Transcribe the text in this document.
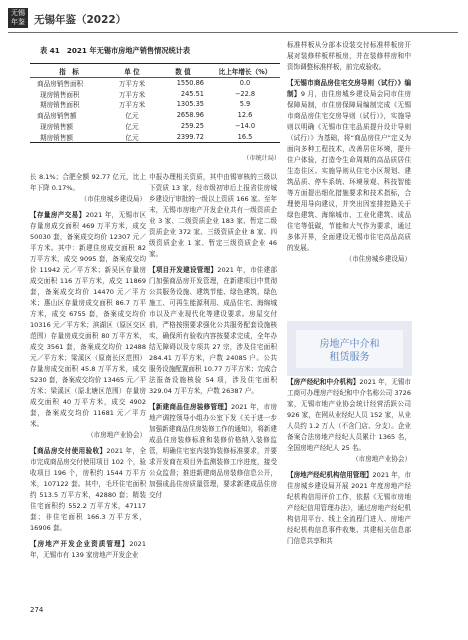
无锡年鉴 无锡年鉴（2022）
表 41　2021 年无锡市房地产销售情况统计表
指　标	单 位	数 值	比上年增长（%）
商品房销售面积	万平方米	1550.86	0.0
现房销售面积	万平方米	245.51	−22.8
期房销售面积	万平方米	1305.35	5.9
商品房销售额	亿元	2658.96	12.6
现房销售额	亿元	259.25	−14.0
期房销售额	亿元	2399.72	16.5
（市统计局）

长 8.1%；合肥全额 92.77 亿元，比上年下降 0.17%。

（市住房城乡建设局）

【存量房产交易】2021 年，无锡市区存量房成交面积 469 万平方米，成交 50030 套，备案成交均价 12307 元／平方米。其中：新建住房成交面积 82 万平方米，成交 9095 套，备案成交均价 11942 元／平方米；新吴区存量房成交面积 116 万平方米，成交 11869 套，备案成交均价 14470 元／平方米；惠山区存量房成交面积 86.7 万平方米，成交 6755 套，备案成交均价 10316 元／平方米；滨湖区（原区交区范围）存量房成交面积 80 万平方米，成交 3561 套，备案成交均价 12488 元／平方米；梁溪区（原南长区范围）存量房成交面积 45.8 万平方米，成交 5230 套，备案成交均价 13465 元／平方米；梁溪区（原北塘区范围）存量房成交面积 40 万平方米，成交 4902 套，备案成交均价 11681 元／平方米。

（市房地产业协会）

【商品房交付使用验收】2021 年，全市完成商品房交付使用项目 102 个，验收项目 196 个，房积约 1544 万平方米，107122 套。其中，毛坯住宅面积约 513.5 万平方米，42880 套；精装住宅面积约 552.2 万平方米，47117 套；非住宅面积 166.3 万平方米，16906 套。

【房地产开发企业资质管理】2021 年，无锡市有 139 家房地产开发企业

申报办理相关资质，其中由锡审核的三级以下资质 13 家，经市级初审后上报省住房城乡建设厅审批的一级以上资质 166 家。至年末，无锡市房地产开发企业共有一级资质企业 3 家、二级资质企业 183 家、暂定二级资质企业 372 家、三级资质企业 8 家、四级资质企业 1 家、暂定三级资质企业 46 家。

【项目开发建设管理】2021 年，市住建部门加强商品房开发管理，在新建项目中贯彻公共服务设施、建筑节能、绿色建筑、绿色施工、可再生能源利用、成品住宅、海绵城市以及产业现代化等建设要求。房屋交付前，严格按照要求强化公共服务配套设施核实，确保所有验收内容按要求完成，全年办结无障碍以及专项共 27 宗，涉及住宅面积 284.41 万平方米，户数 24085 户。公共服务设施配置面积 10.77 万平方米；完成合法报备设施核验 54 项，涉及住宅面积 329.04 万平方米，户数 26387 户。

【新建商品住房装修管理】2021 年，市房地产调控领导小组办公室下发《关于进一步加强新建商品住房装修工作的通知》，将新建成品住房装修标准和装修价格纳入装修监管，明确住宅室内装饰装修标准要求，并要求开发商在项目外监测装修工序进度，接受公众监督；推进新建商品房装修信息公开，加强成品住房质量管理，要求新建成品住房交付

标准样板从分部本设装交付标准样板房开展对装修样板样板房，并在装修样房和中资饰调整标准样板，前完成验收。

【无锡市商品房住宅交房导则（试行）》编制】9 月，由住房城乡建设局会同市住房保障局制，市住房保障局编制完成《无锡市商品房住宅交房导则（试行）》，实施导则以明确《无锡市住宅品质提升设计导则（试行）》为基础，将“商品房住户”定义为面向多种工程技术，改善居住环境，提升住户体验，打造令生命周期的高品质居住生态住区。实施导则从住宅小区规划、建筑品质、停车系统、环境景观、科技智能等方面提出细化措施要求和技术指标，合理使用导向建议，并突出因室排控路关于绿色建筑、海绵城市、工业化建筑、成品住宅等低碳，节能和大气作为要求，通过多体开界，全面建设无锡市住宅高品高质的发展。

（市住房城乡建设局）

房地产中介和
租赁服务

【房产经纪和中介机构】2021 年，无锡市工商可办理房产经纪和中介名称公司 3726 家，无锡市地产业协会统计经营活跃公司 926 家，在网从业经纪人员 152 家，从业人员约 1.2 万人（不含门店、分支）。企业备案合法房地产经纪人员累计 1365 名，全国房地产经纪人 25 名。

（市房地产业协会）

【房地产经纪机构信用管理】2021 年，市住房城乡建设局开展 2021 年度房地产经纪机构信用评价工作，依据《无锡市房地产经纪信用管理办法》，通过房地产经纪机构信用平台、线上全流程门进入、房地产经纪机构信息事件收集、共建相关信息部门信息共享和共

274
